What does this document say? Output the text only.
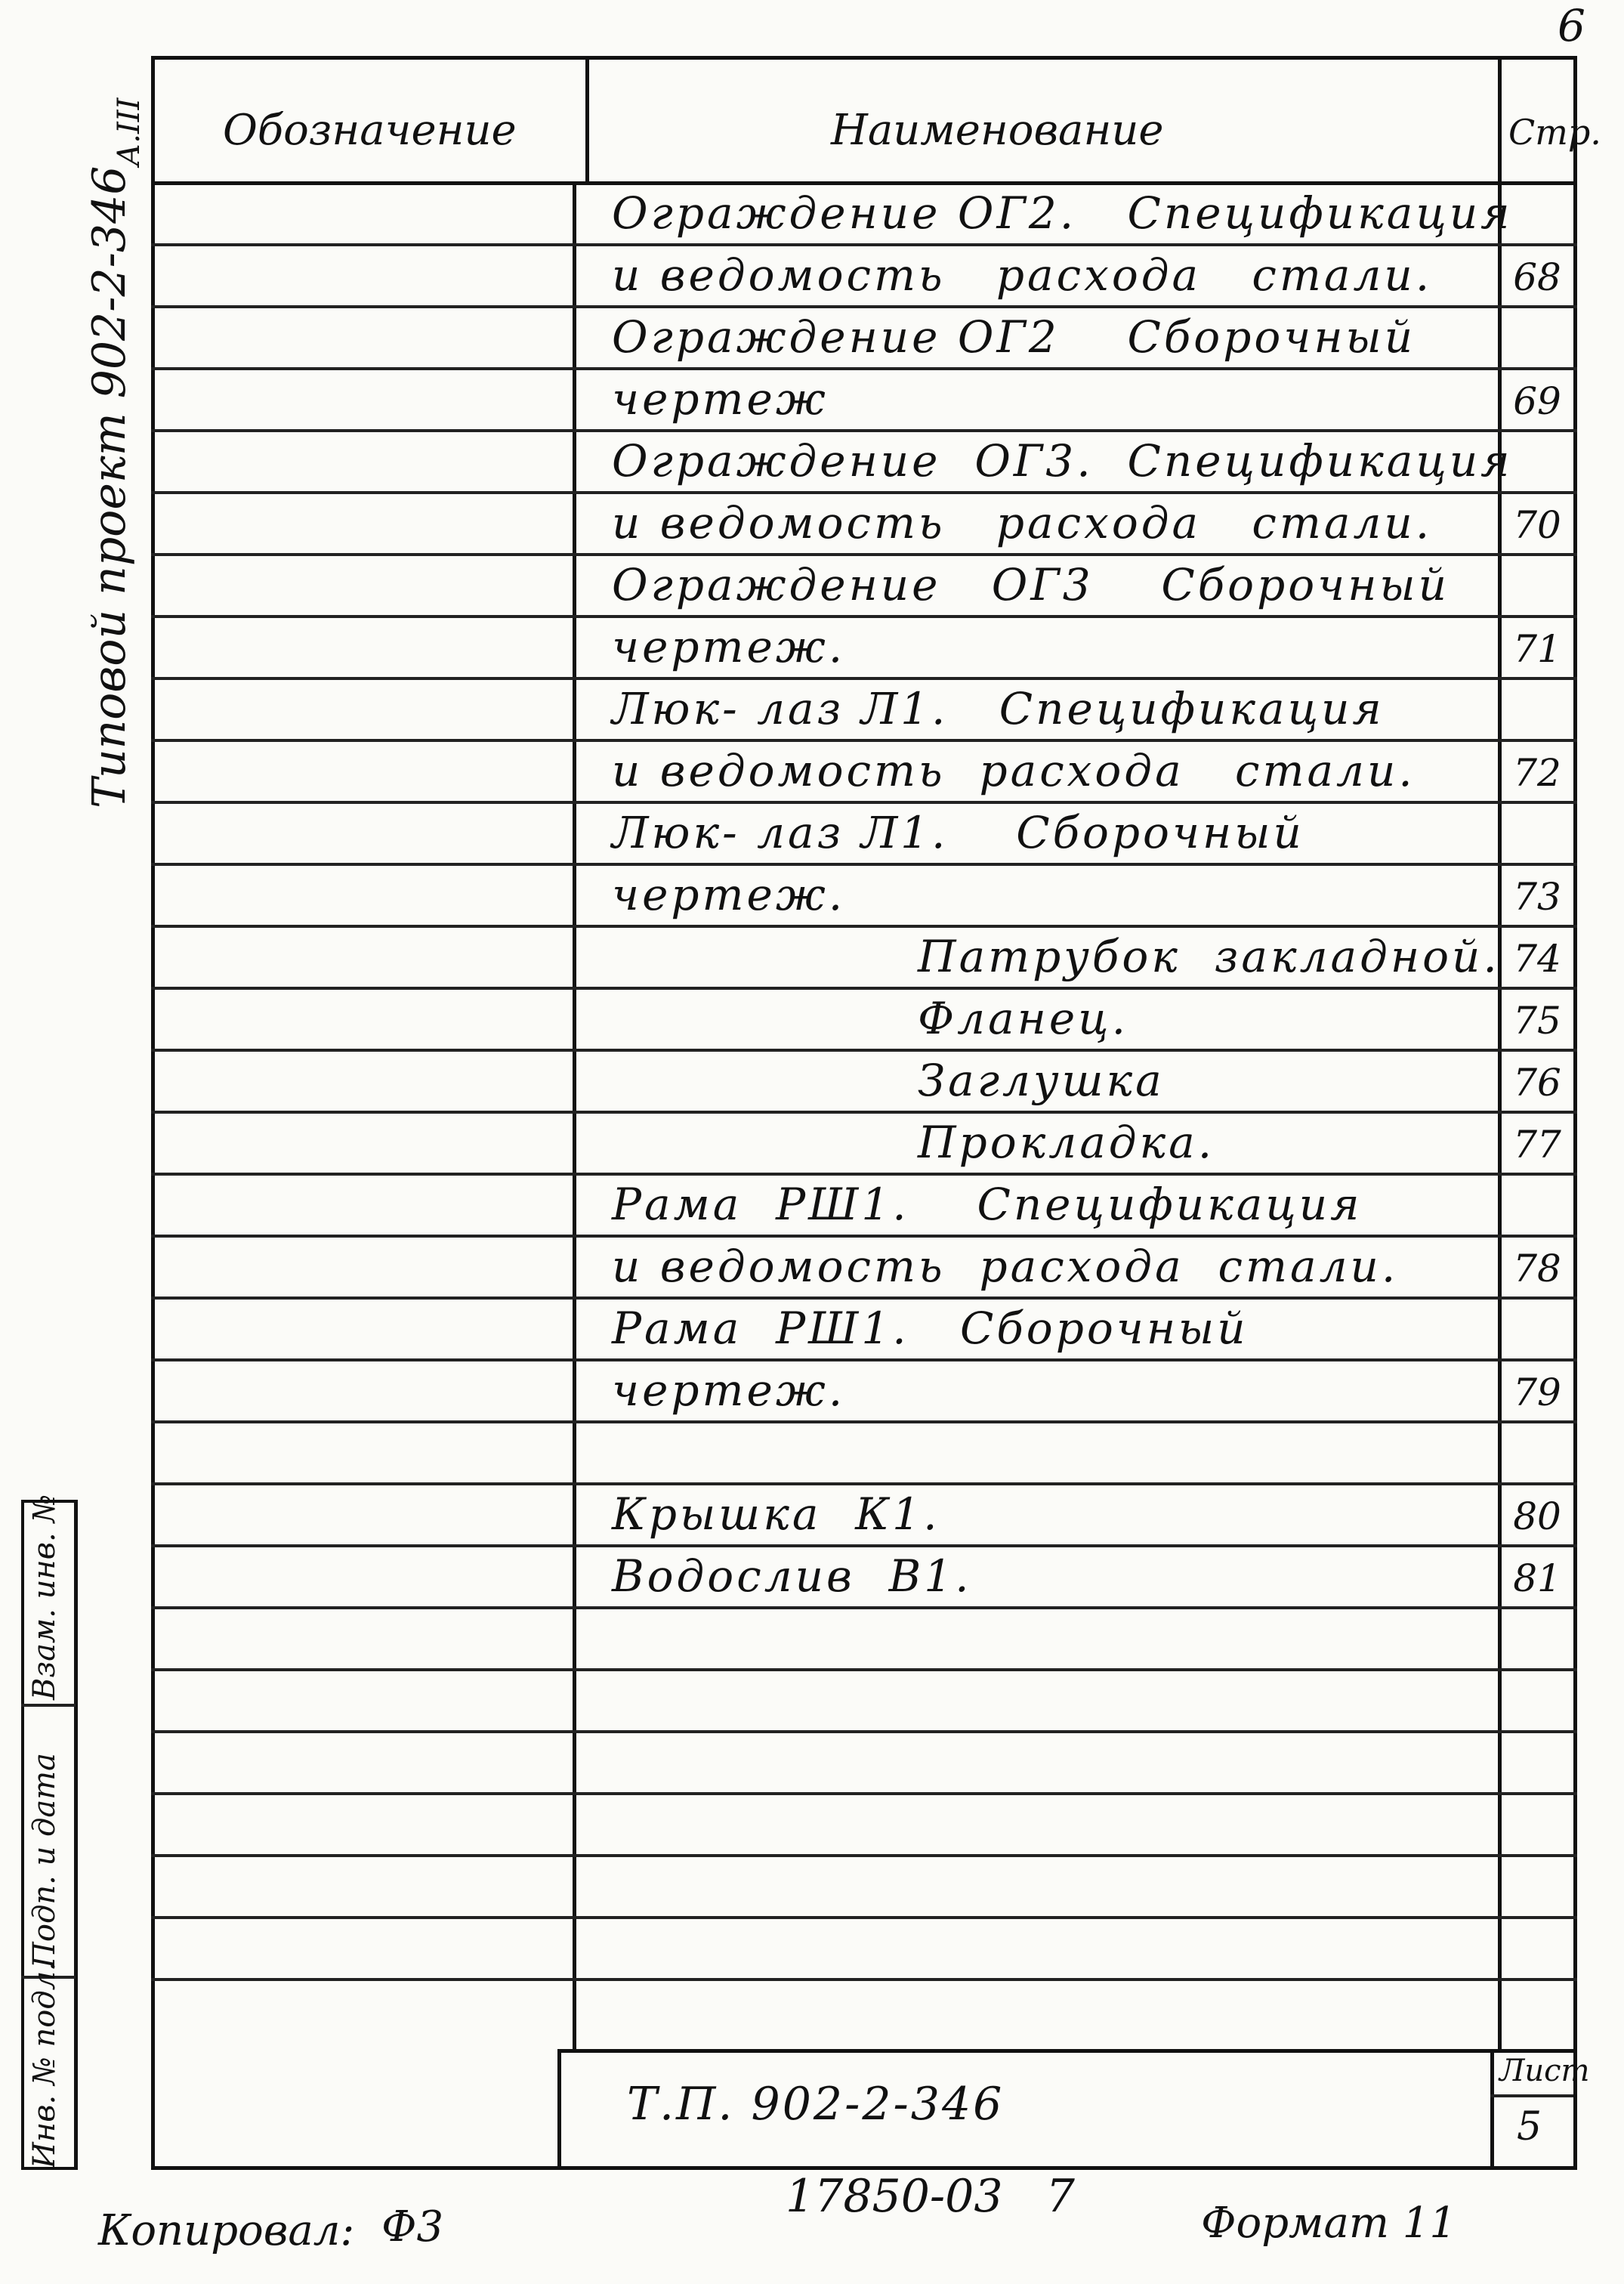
6
Обозначение	Наименование	Стр.
Ограждение ОГ2.   Спецификация
и ведомость   расхода   стали. 68
Ограждение ОГ2    Сборочный
чертеж	69
Ограждение  ОГ3.  Спецификация
и ведомость   расхода   стали. 70
Ограждение   ОГ3    Сборочный
чертеж.	71
Люк- лаз Л1.   Спецификация
и ведомость  расхода   стали.	72
Люк- лаз Л1.    Сборочный
чертеж.	73
Патрубок  закладной. 74
Фланец.	75
Заглушка	76
Прокладка.	77
Рама  РШ1.    Спецификация
и ведомость  расхода  стали.	78
Рама  РШ1.   Сборочный
чертеж.	79
Крышка  К1.	80
Водослив  В1.	81
Взам. инв. №
Подп. и дата
Инв. № подл.
Типовой проект 902-2-346
А.III
Т.П. 902-2-346
Лист
5
Копировал: Ф3
17850-03   7
Формат 11
